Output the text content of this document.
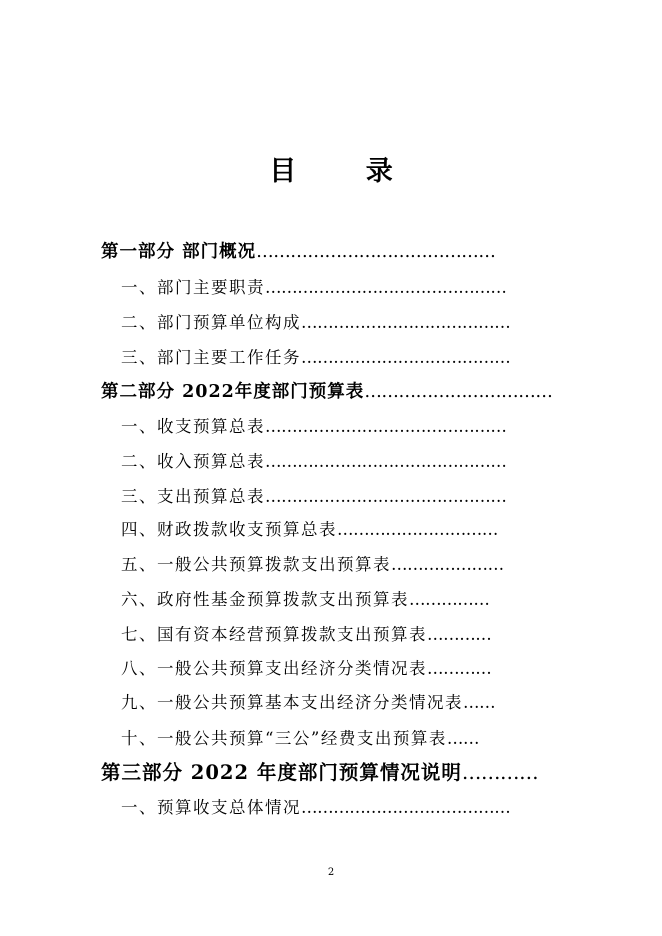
目 录
第一部分 部门概况……………………………………
一、部门主要职责………………………………………
二、部门预算单位构成…………………………………
三、部门主要工作任务…………………………………
第二部分 2022年度部门预算表……………………………
一、收支预算总表………………………………………
二、收入预算总表………………………………………
三、支出预算总表………………………………………
四、财政拨款收支预算总表…………………………
五、一般公共预算拨款支出预算表…………………
六、政府性基金预算拨款支出预算表……………
七、国有资本经营预算拨款支出预算表…………
八、一般公共预算支出经济分类情况表…………
九、一般公共预算基本支出经济分类情况表……
十、一般公共预算“三公”经费支出预算表……
第三部分 2022 年度部门预算情况说明…………
一、预算收支总体情况…………………………………
2
